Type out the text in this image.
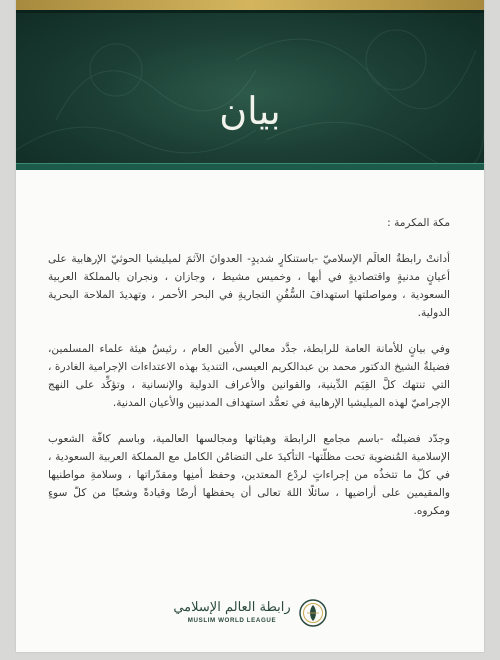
بيان

مكة المكرمة :

أدانتْ رابطةُ العالَم الإسلاميّ -باستنكارٍ شديدٍ- العدوانَ الآثمَ لميليشيا الحوثيّ الإرهابية على أعيانٍ مدنيةٍ واقتصاديةٍ في أبها ، وخميس مشيط ، وجازان ، ونجران بالمملكة العربية السعودية ، ومواصلتها استهدافَ السُّفُنِ التجاريةِ في البحر الأحمر ، وتهديدَ الملاحة البحرية الدولية.

وفي بيانٍ للأمانة العامة للرابطة، جدَّد معالي الأمين العام ، رئيسُ هيئة علماء المسلمين، فضيلةُ الشيخ الدكتور محمد بن عبدالكريم العيسى، التنديدَ بهذه الاعتداءات الإجرامية الغادرة ، التي تنتهك كلَّ القِيَم الدِّينية، والقوانين والأعراف الدولية والإنسانية ، وتؤكِّد على النهج الإجراميّ لهذه الميليشيا الإرهابية في تعمُّد استهداف المدنيين والأعيان المدنية.

وجدّد فضيلتُه -باسم مجامع الرابطة وهيئاتها ومجالسها العالمية، وباسم كافّة الشعوب الإسلامية المُنضوية تحت مظلّتها- التأكيدَ على التضامُن الكامل مع المملكة العربية السعودية ، في كلّ ما تتخذُه من إجراءاتٍ لردْع المعتدين، وحفظ أمنِها ومقدّراتها ، وسلامةِ مواطنيها والمقيمين على أراضيها ، سائلًا اللهَ تعالى أن يحفظها أرضًا وقيادةً وشعبًا من كلّ سوءٍ ومكروه.

رابطة العالم الإسلامي
MUSLIM WORLD LEAGUE
